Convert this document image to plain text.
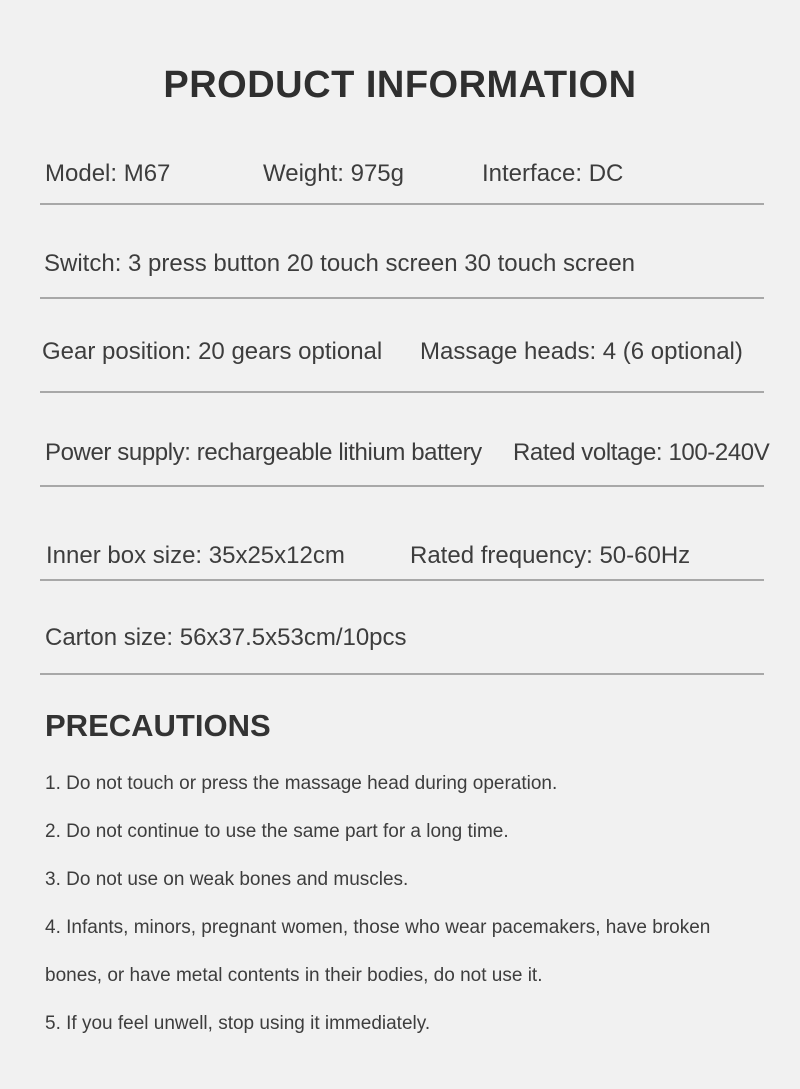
PRODUCT INFORMATION
Model: M67	Weight: 975g	Interface: DC
Switch: 3 press button 20 touch screen 30 touch screen
Gear position: 20 gears optional Massage heads: 4 (6 optional)
Power supply: rechargeable lithium battery Rated voltage: 100-240V
Inner box size: 35x25x12cm	Rated frequency: 50-60Hz
Carton size: 56x37.5x53cm/10pcs
PRECAUTIONS
1. Do not touch or press the massage head during operation.
2. Do not continue to use the same part for a long time.
3. Do not use on weak bones and muscles.
4. Infants, minors, pregnant women, those who wear pacemakers, have broken
bones, or have metal contents in their bodies, do not use it.
5. If you feel unwell, stop using it immediately.
